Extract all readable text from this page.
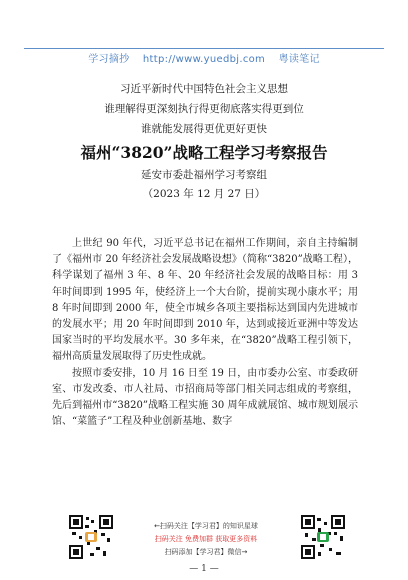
学习摘抄 http://www.yuedbj.com 粤读笔记
习近平新时代中国特色社会主义思想
谁理解得更深刻执行得更彻底落实得更到位
谁就能发展得更优更好更快
福州“3820”战略工程学习考察报告
延安市委赴福州学习考察组
（2023 年 12 月 27 日）

上世纪 90 年代，习近平总书记在福州工作期间，亲自主持编制了《福州市 20 年经济社会发展战略设想》（简称“3820”战略工程），科学谋划了福州 3 年、8 年、20 年经济社会发展的战略目标：用 3 年时间即到 1995 年，使经济上一个大台阶，提前实现小康水平；用 8 年时间即到 2000 年，使全市城乡各项主要指标达到国内先进城市的发展水平；用 20 年时间即到 2010 年，达到或接近亚洲中等发达国家当时的平均发展水平。30 多年来，在“3820”战略工程引领下，福州高质量发展取得了历史性成就。

按照市委安排，10 月 16 日至 19 日，由市委办公室、市委政研室、市发改委、市人社局、市招商局等部门相关同志组成的考察组，先后到福州市“3820”战略工程实施 30 周年成就展馆、城市规划展示馆、“菜篮子”工程及种业创新基地、数字

←扫码关注【学习君】的知识星球
扫码关注 免费加群 获取更多资料
扫码添加【学习君】微信→
— 1 —
